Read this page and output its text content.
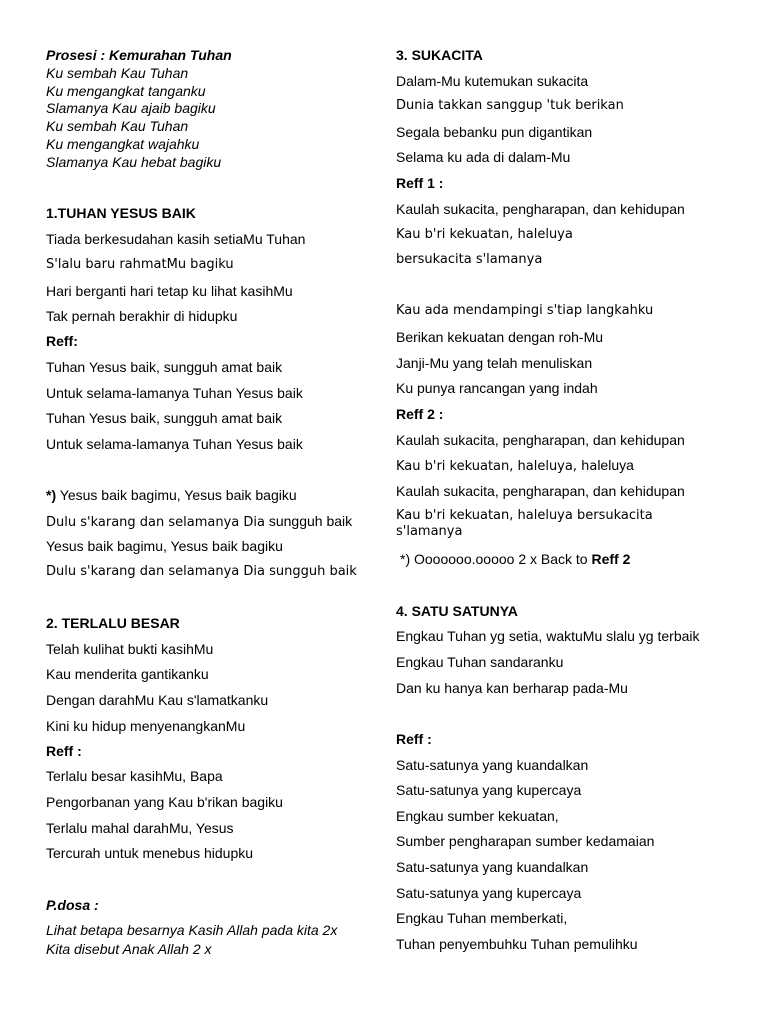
Prosesi : Kemurahan Tuhan
Ku sembah Kau Tuhan
Ku mengangkat tanganku
Slamanya Kau ajaib bagiku
Ku sembah Kau Tuhan
Ku mengangkat wajahku
Slamanya Kau hebat bagiku
1.TUHAN YESUS BAIK
Tiada berkesudahan kasih setiaMu Tuhan
S'lalu baru rahmatMu bagiku
Hari berganti hari tetap ku lihat kasihMu
Tak pernah berakhir di hidupku
Reff:
Tuhan Yesus baik, sungguh amat baik
Untuk selama-lamanya Tuhan Yesus baik
Tuhan Yesus baik, sungguh amat baik
Untuk selama-lamanya Tuhan Yesus baik
*) Yesus baik bagimu, Yesus baik bagiku
Dulu s'karang dan selamanya Dia sungguh baik
Yesus baik bagimu, Yesus baik bagiku
Dulu s'karang dan selamanya Dia sungguh baik
2. TERLALU BESAR
Telah kulihat bukti kasihMu
Kau menderita gantikanku
Dengan darahMu Kau s'lamatkanku
Kini ku hidup menyenangkanMu
Reff :
Terlalu besar kasihMu, Bapa
Pengorbanan yang Kau b'rikan bagiku
Terlalu mahal darahMu, Yesus
Tercurah untuk menebus hidupku
P.dosa :
Lihat betapa besarnya Kasih Allah pada kita 2x
Kita disebut Anak Allah 2 x
3. SUKACITA
Dalam-Mu kutemukan sukacita
Dunia takkan sanggup 'tuk berikan
Segala bebanku pun digantikan
Selama ku ada di dalam-Mu
Reff 1 :
Kaulah sukacita, pengharapan, dan kehidupan
Kau b'ri kekuatan, haleluya
bersukacita s'lamanya
Kau ada mendampingi s'tiap langkahku
Berikan kekuatan dengan roh-Mu
Janji-Mu yang telah menuliskan
Ku punya rancangan yang indah
Reff 2 :
Kaulah sukacita, pengharapan, dan kehidupan
Kau b'ri kekuatan, haleluya, haleluya
Kaulah sukacita, pengharapan, dan kehidupan
Kau b'ri kekuatan, haleluya bersukacita s'lamanya
*) Ooooooo.ooooo 2 x Back to Reff 2
4. SATU SATUNYA
Engkau Tuhan yg setia, waktuMu slalu yg terbaik
Engkau Tuhan sandaranku
Dan ku hanya kan berharap pada-Mu
Reff :
Satu-satunya yang kuandalkan
Satu-satunya yang kupercaya
Engkau sumber kekuatan,
Sumber pengharapan sumber kedamaian
Satu-satunya yang kuandalkan
Satu-satunya yang kupercaya
Engkau Tuhan memberkati,
Tuhan penyembuhku Tuhan pemulihku
